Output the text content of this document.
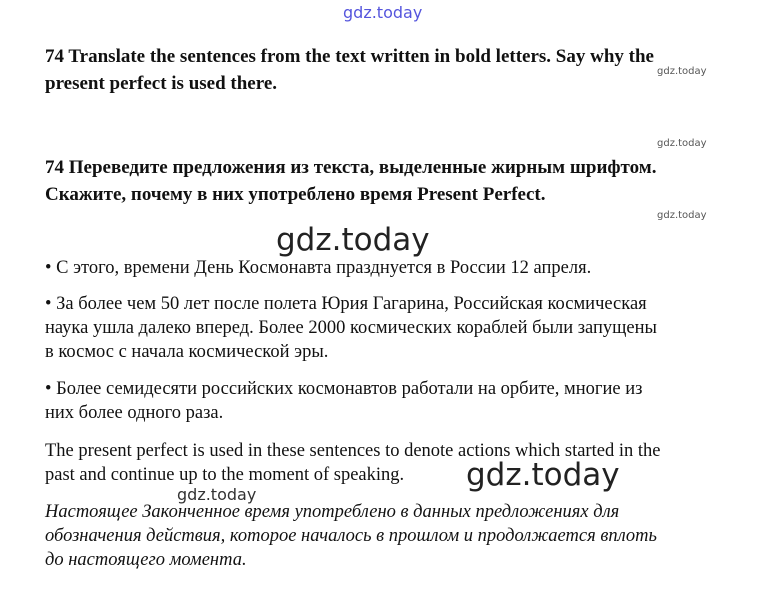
gdz.today
gdz.today
gdz.today
gdz.today
gdz.today
gdz.today
gdz.today
74 Translate the sentences from the text written in bold letters. Say why the
present perfect is used there.
74 Переведите предложения из текста, выделенные жирным шрифтом.
Скажите, почему в них употреблено время Present Perfect.
• С этого, времени День Космонавта празднуется в России 12 апреля.
• За более чем 50 лет после полета Юрия Гагарина, Российская космическая
наука ушла далеко вперед. Более 2000 космических кораблей были запущены
в космос с начала космической эры.
• Более семидесяти российских космонавтов работали на орбите, многие из
них более одного раза.
The present perfect is used in these sentences to denote actions which started in the
past and continue up to the moment of speaking.
Настоящее Законченное время употреблено в данных предложениях для
обозначения действия, которое началось в прошлом и продолжается вплоть
до настоящего момента.
